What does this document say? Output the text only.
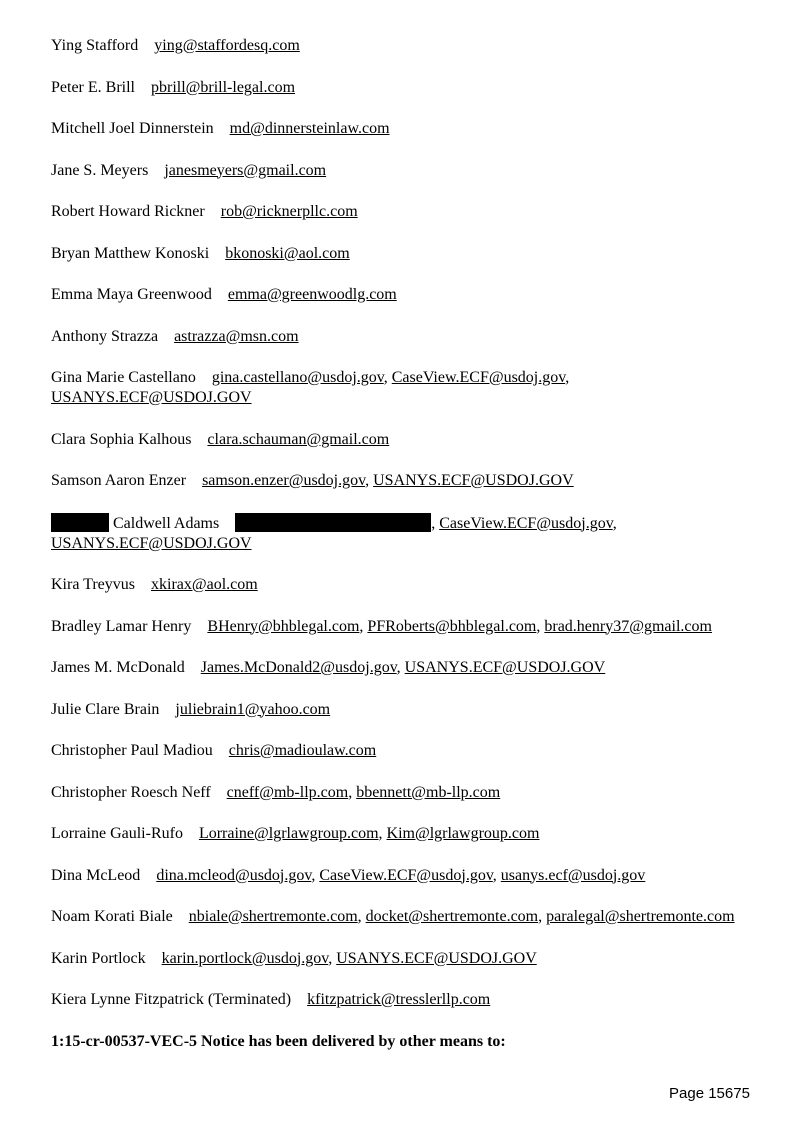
Ying Stafford ying@staffordesq.com
Peter E. Brill pbrill@brill-legal.com
Mitchell Joel Dinnerstein md@dinnersteinlaw.com
Jane S. Meyers janesmeyers@gmail.com
Robert Howard Rickner rob@ricknerpllc.com
Bryan Matthew Konoski bkonoski@aol.com
Emma Maya Greenwood emma@greenwoodlg.com
Anthony Strazza astrazza@msn.com
Gina Marie Castellano gina.castellano@usdoj.gov, CaseView.ECF@usdoj.gov, USANYS.ECF@USDOJ.GOV
Clara Sophia Kalhous clara.schauman@gmail.com
Samson Aaron Enzer samson.enzer@usdoj.gov, USANYS.ECF@USDOJ.GOV
Caldwell Adams	, CaseView.ECF@usdoj.gov, USANYS.ECF@USDOJ.GOV
Kira Treyvus xkirax@aol.com
Bradley Lamar Henry BHenry@bhblegal.com, PFRoberts@bhblegal.com, brad.henry37@gmail.com
James M. McDonald James.McDonald2@usdoj.gov, USANYS.ECF@USDOJ.GOV
Julie Clare Brain juliebrain1@yahoo.com
Christopher Paul Madiou chris@madioulaw.com
Christopher Roesch Neff cneff@mb-llp.com, bbennett@mb-llp.com
Lorraine Gauli-Rufo Lorraine@lgrlawgroup.com, Kim@lgrlawgroup.com
Dina McLeod dina.mcleod@usdoj.gov, CaseView.ECF@usdoj.gov, usanys.ecf@usdoj.gov
Noam Korati Biale nbiale@shertremonte.com, docket@shertremonte.com, paralegal@shertremonte.com
Karin Portlock karin.portlock@usdoj.gov, USANYS.ECF@USDOJ.GOV
Kiera Lynne Fitzpatrick (Terminated) kfitzpatrick@tresslerllp.com
1:15-cr-00537-VEC-5 Notice has been delivered by other means to:
Page 15675
